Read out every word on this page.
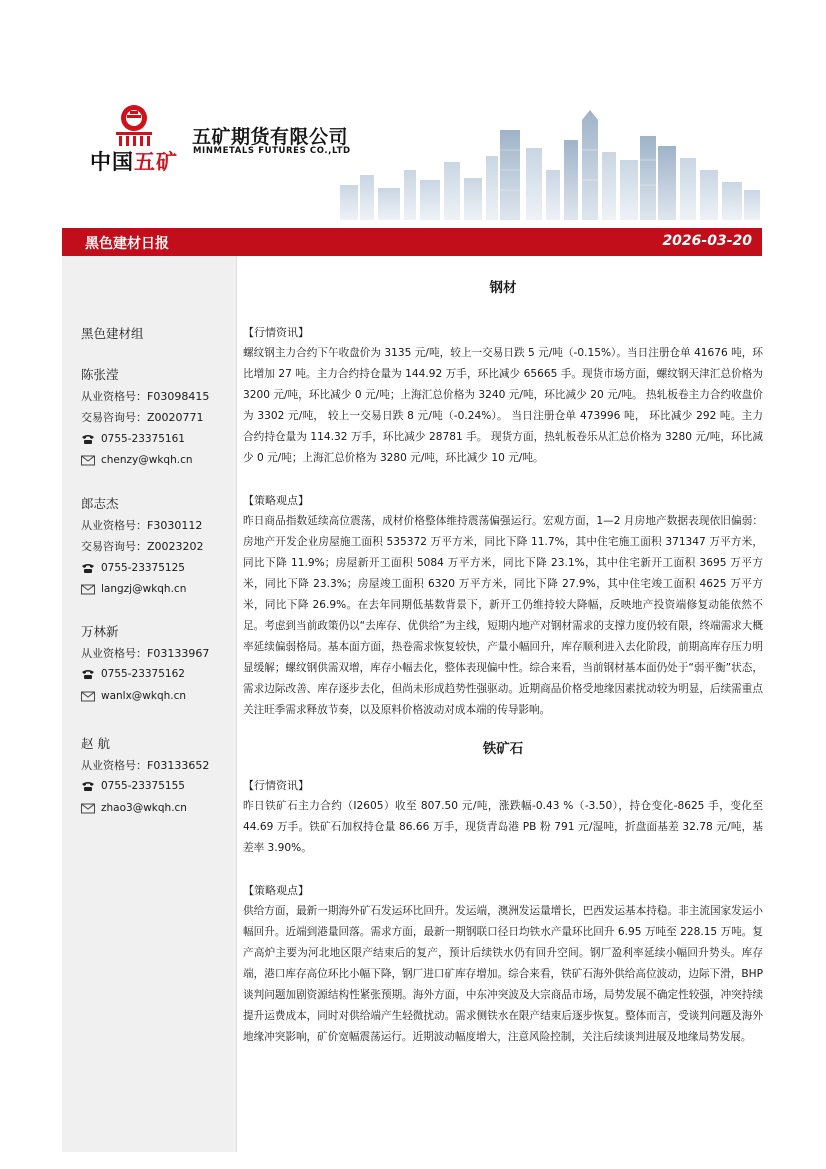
中国五矿
五矿期货有限公司
MINMETALS FUTURES CO.,LTD
黑色建材日报	2026-03-20
黑色建材组
陈张滢
从业资格号：F03098415
交易咨询号：Z0020771
0755-23375161
chenzy@wkqh.cn
郎志杰
从业资格号：F3030112
交易咨询号：Z0023202
0755-23375125
langzj@wkqh.cn
万林新
从业资格号：F03133967
0755-23375162
wanlx@wkqh.cn
赵 航
从业资格号：F03133652
0755-23375155
zhao3@wkqh.cn
钢材

【行情资讯】

螺纹钢主力合约下午收盘价为 3135 元/吨，较上一交易日跌 5 元/吨（-0.15%）。当日注册仓单 41676 吨，环比增加 27 吨。主力合约持仓量为 144.92 万手，环比减少 65665 手。现货市场方面，螺纹钢天津汇总价格为 3200 元/吨，环比减少 0 元/吨；上海汇总价格为 3240 元/吨，环比减少 20 元/吨。 热轧板卷主力合约收盘价为 3302 元/吨， 较上一交易日跌 8 元/吨（-0.24%）。 当日注册仓单 473996 吨， 环比减少 292 吨。主力合约持仓量为 114.32 万手，环比减少 28781 手。 现货方面，热轧板卷乐从汇总价格为 3280 元/吨，环比减少 0 元/吨；上海汇总价格为 3280 元/吨，环比减少 10 元/吨。

【策略观点】

昨日商品指数延续高位震荡，成材价格整体维持震荡偏强运行。宏观方面，1—2 月房地产数据表现依旧偏弱：房地产开发企业房屋施工面积 535372 万平方米，同比下降 11.7%，其中住宅施工面积 371347 万平方米，同比下降 11.9%；房屋新开工面积 5084 万平方米，同比下降 23.1%，其中住宅新开工面积 3695 万平方米，同比下降 23.3%；房屋竣工面积 6320 万平方米，同比下降 27.9%，其中住宅竣工面积 4625 万平方米，同比下降 26.9%。在去年同期低基数背景下，新开工仍维持较大降幅，反映地产投资端修复动能依然不足。考虑到当前政策仍以“去库存、优供给”为主线，短期内地产对钢材需求的支撑力度仍较有限，终端需求大概率延续偏弱格局。基本面方面，热卷需求恢复较快，产量小幅回升，库存顺利进入去化阶段，前期高库存压力明显缓解；螺纹钢供需双增，库存小幅去化，整体表现偏中性。综合来看，当前钢材基本面仍处于“弱平衡”状态，需求边际改善、库存逐步去化，但尚未形成趋势性强驱动。近期商品价格受地缘因素扰动较为明显，后续需重点关注旺季需求释放节奏，以及原料价格波动对成本端的传导影响。

铁矿石

【行情资讯】

昨日铁矿石主力合约（I2605）收至 807.50 元/吨，涨跌幅-0.43 %（-3.50），持仓变化-8625 手，变化至 44.69 万手。铁矿石加权持仓量 86.66 万手，现货青岛港 PB 粉 791 元/湿吨，折盘面基差 32.78 元/吨，基差率 3.90%。

【策略观点】

供给方面，最新一期海外矿石发运环比回升。发运端，澳洲发运量增长，巴西发运基本持稳。非主流国家发运小幅回升。近端到港量回落。需求方面，最新一期钢联口径日均铁水产量环比回升 6.95 万吨至 228.15 万吨。复产高炉主要为河北地区限产结束后的复产，预计后续铁水仍有回升空间。钢厂盈利率延续小幅回升势头。库存端，港口库存高位环比小幅下降，钢厂进口矿库存增加。综合来看，铁矿石海外供给高位波动，边际下滑，BHP 谈判问题加剧资源结构性紧张预期。海外方面，中东冲突波及大宗商品市场，局势发展不确定性较强，冲突持续提升运费成本，同时对供给端产生轻微扰动。需求侧铁水在限产结束后逐步恢复。整体而言，受谈判问题及海外地缘冲突影响，矿价宽幅震荡运行。近期波动幅度增大，注意风险控制，关注后续谈判进展及地缘局势发展。
